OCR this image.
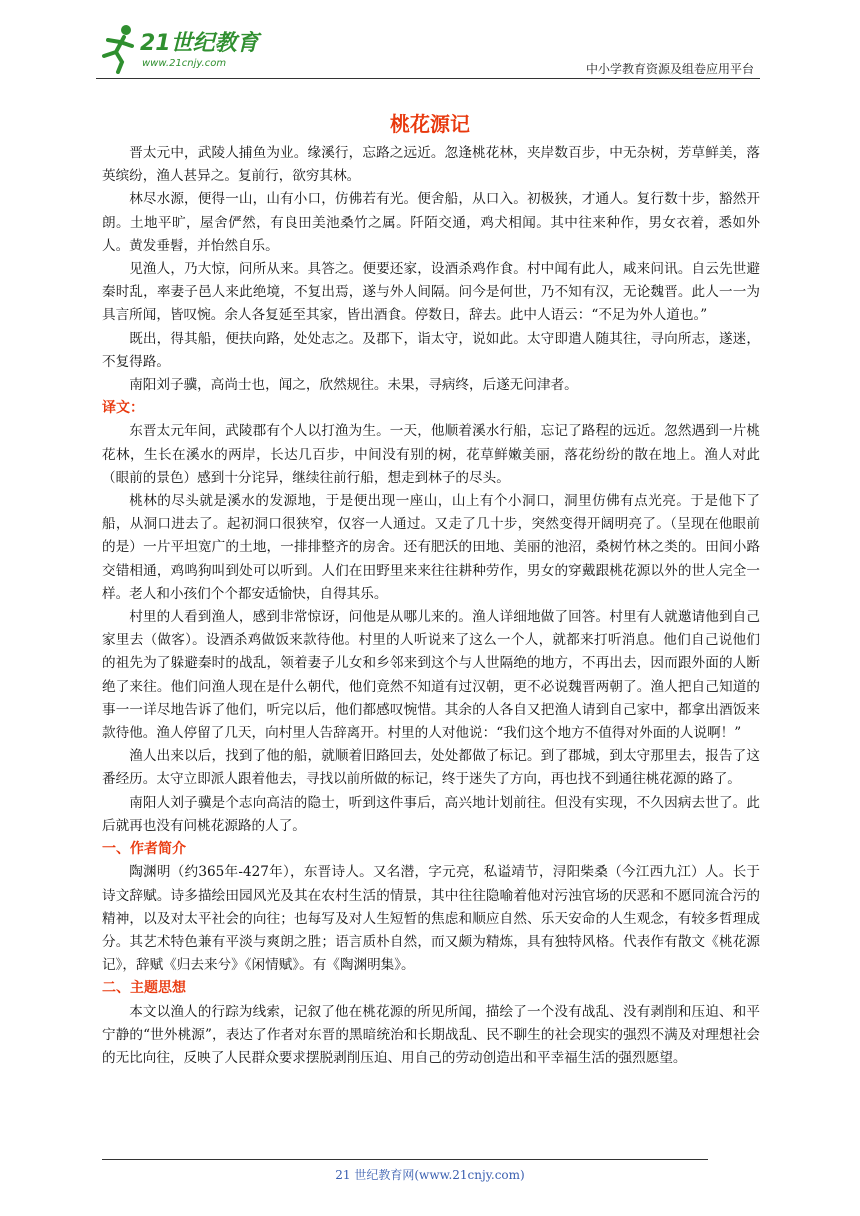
21世纪教育
www.21cnjy.com	中小学教育资源及组卷应用平台
桃花源记

晋太元中，武陵人捕鱼为业。缘溪行，忘路之远近。忽逢桃花林，夹岸数百步，中无杂树，芳草鲜美，落英缤纷，渔人甚异之。复前行，欲穷其林。

林尽水源，便得一山，山有小口，仿佛若有光。便舍船，从口入。初极狭，才通人。复行数十步，豁然开朗。土地平旷，屋舍俨然，有良田美池桑竹之属。阡陌交通，鸡犬相闻。其中往来种作，男女衣着，悉如外人。黄发垂髫，并怡然自乐。

见渔人，乃大惊，问所从来。具答之。便要还家，设酒杀鸡作食。村中闻有此人，咸来问讯。自云先世避秦时乱，率妻子邑人来此绝境，不复出焉，遂与外人间隔。问今是何世，乃不知有汉，无论魏晋。此人一一为具言所闻，皆叹惋。余人各复延至其家，皆出酒食。停数日，辞去。此中人语云：“不足为外人道也。”

既出，得其船，便扶向路，处处志之。及郡下，诣太守，说如此。太守即遣人随其往，寻向所志，遂迷，不复得路。

南阳刘子骥，高尚士也，闻之，欣然规往。未果，寻病终，后遂无问津者。

译文：

东晋太元年间，武陵郡有个人以打渔为生。一天，他顺着溪水行船，忘记了路程的远近。忽然遇到一片桃花林，生长在溪水的两岸，长达几百步，中间没有别的树，花草鲜嫩美丽，落花纷纷的散在地上。渔人对此（眼前的景色）感到十分诧异，继续往前行船，想走到林子的尽头。

桃林的尽头就是溪水的发源地，于是便出现一座山，山上有个小洞口，洞里仿佛有点光亮。于是他下了船，从洞口进去了。起初洞口很狭窄，仅容一人通过。又走了几十步，突然变得开阔明亮了。（呈现在他眼前的是）一片平坦宽广的土地，一排排整齐的房舍。还有肥沃的田地、美丽的池沼，桑树竹林之类的。田间小路交错相通，鸡鸣狗叫到处可以听到。人们在田野里来来往往耕种劳作，男女的穿戴跟桃花源以外的世人完全一样。老人和小孩们个个都安适愉快，自得其乐。

村里的人看到渔人，感到非常惊讶，问他是从哪儿来的。渔人详细地做了回答。村里有人就邀请他到自己家里去（做客）。设酒杀鸡做饭来款待他。村里的人听说来了这么一个人，就都来打听消息。他们自己说他们的祖先为了躲避秦时的战乱，领着妻子儿女和乡邻来到这个与人世隔绝的地方，不再出去，因而跟外面的人断绝了来往。他们问渔人现在是什么朝代，他们竟然不知道有过汉朝，更不必说魏晋两朝了。渔人把自己知道的事一一详尽地告诉了他们，听完以后，他们都感叹惋惜。其余的人各自又把渔人请到自己家中，都拿出酒饭来款待他。渔人停留了几天，向村里人告辞离开。村里的人对他说：“我们这个地方不值得对外面的人说啊！”

渔人出来以后，找到了他的船，就顺着旧路回去，处处都做了标记。到了郡城，到太守那里去，报告了这番经历。太守立即派人跟着他去，寻找以前所做的标记，终于迷失了方向，再也找不到通往桃花源的路了。

南阳人刘子骥是个志向高洁的隐士，听到这件事后，高兴地计划前往。但没有实现，不久因病去世了。此后就再也没有问桃花源路的人了。

一、作者简介

陶渊明（约365年-427年），东晋诗人。又名潜，字元亮，私谥靖节，浔阳柴桑（今江西九江）人。长于诗文辞赋。诗多描绘田园风光及其在农村生活的情景，其中往往隐喻着他对污浊官场的厌恶和不愿同流合污的精神，以及对太平社会的向往；也每写及对人生短暂的焦虑和顺应自然、乐天安命的人生观念，有较多哲理成分。其艺术特色兼有平淡与爽朗之胜；语言质朴自然，而又颇为精炼，具有独特风格。代表作有散文《桃花源记》，辞赋《归去来兮》《闲情赋》。有《陶渊明集》。

二、主题思想

本文以渔人的行踪为线索，记叙了他在桃花源的所见所闻，描绘了一个没有战乱、没有剥削和压迫、和平宁静的“世外桃源”，表达了作者对东晋的黑暗统治和长期战乱、民不聊生的社会现实的强烈不满及对理想社会的无比向往，反映了人民群众要求摆脱剥削压迫、用自己的劳动创造出和平幸福生活的强烈愿望。

21 世纪教育网(www.21cnjy.com)
